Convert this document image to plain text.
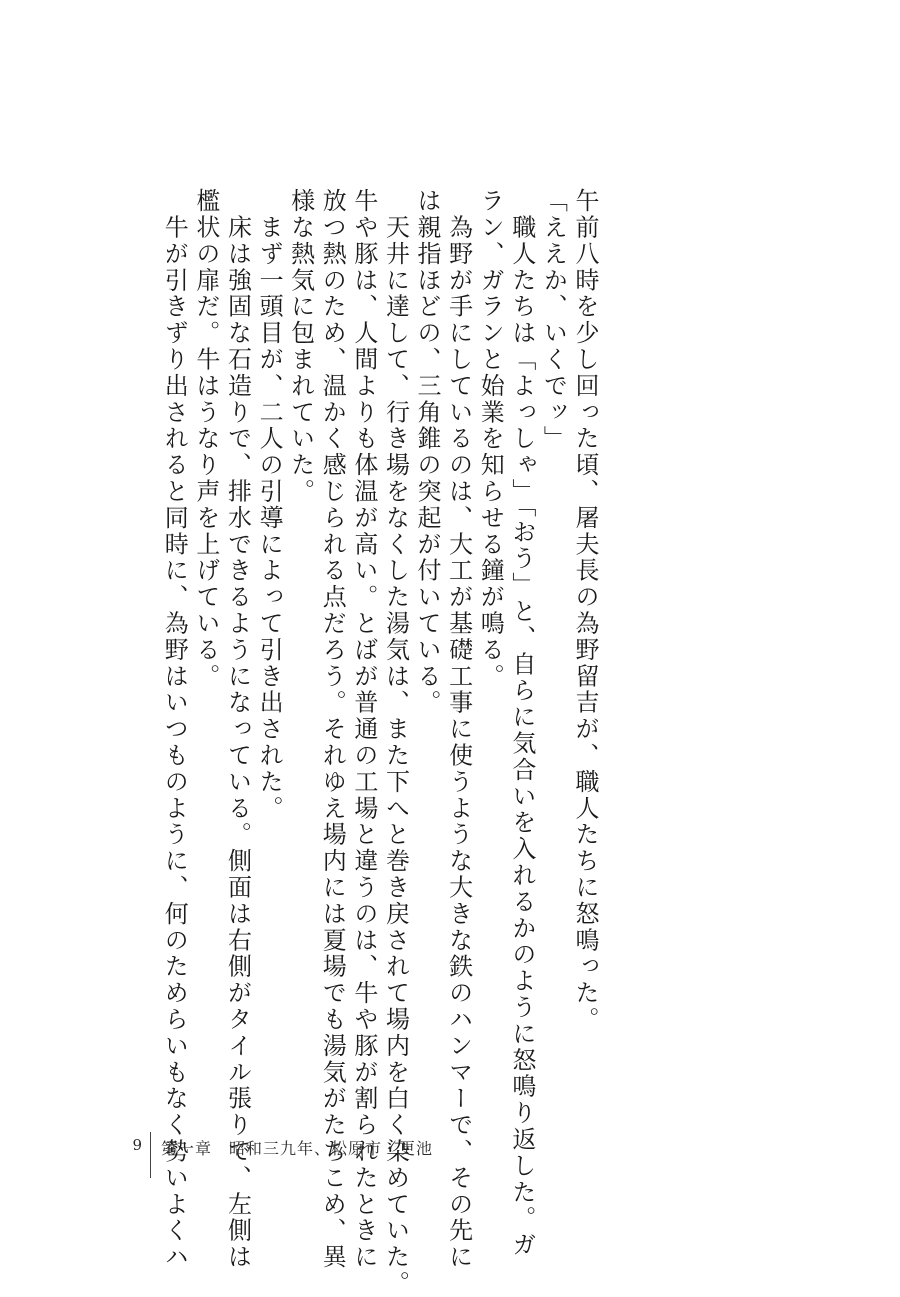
午前八時を少し回った頃、屠夫長の為野留吉が、職人たちに怒鳴った。

「ええか、いくでッ」

　職人たちは「よっしゃ」「おう」と、自らに気合いを入れるかのように怒鳴り返した。ガ

ラン、ガランと始業を知らせる鐘が鳴る。

　為野が手にしているのは、大工が基礎工事に使うような大きな鉄のハンマーで、その先に

は親指ほどの、三角錐の突起が付いている。

　天井に達して、行き場をなくした湯気は、また下へと巻き戻されて場内を白く染めていた。

牛や豚は、人間よりも体温が高い。とばが普通の工場と違うのは、牛や豚が割られたときに

放つ熱のため、温かく感じられる点だろう。それゆえ場内には夏場でも湯気がたちこめ、異

様な熱気に包まれていた。

　まず一頭目が、二人の引導によって引き出された。

　床は強固な石造りで、排水できるようになっている。側面は右側がタイル張りで、左側は

檻状の扉だ。牛はうなり声を上げている。

　牛が引きずり出されると同時に、為野はいつものように、何のためらいもなく勢いよくハ

9 第一章　昭和三九年、松原市・更池
